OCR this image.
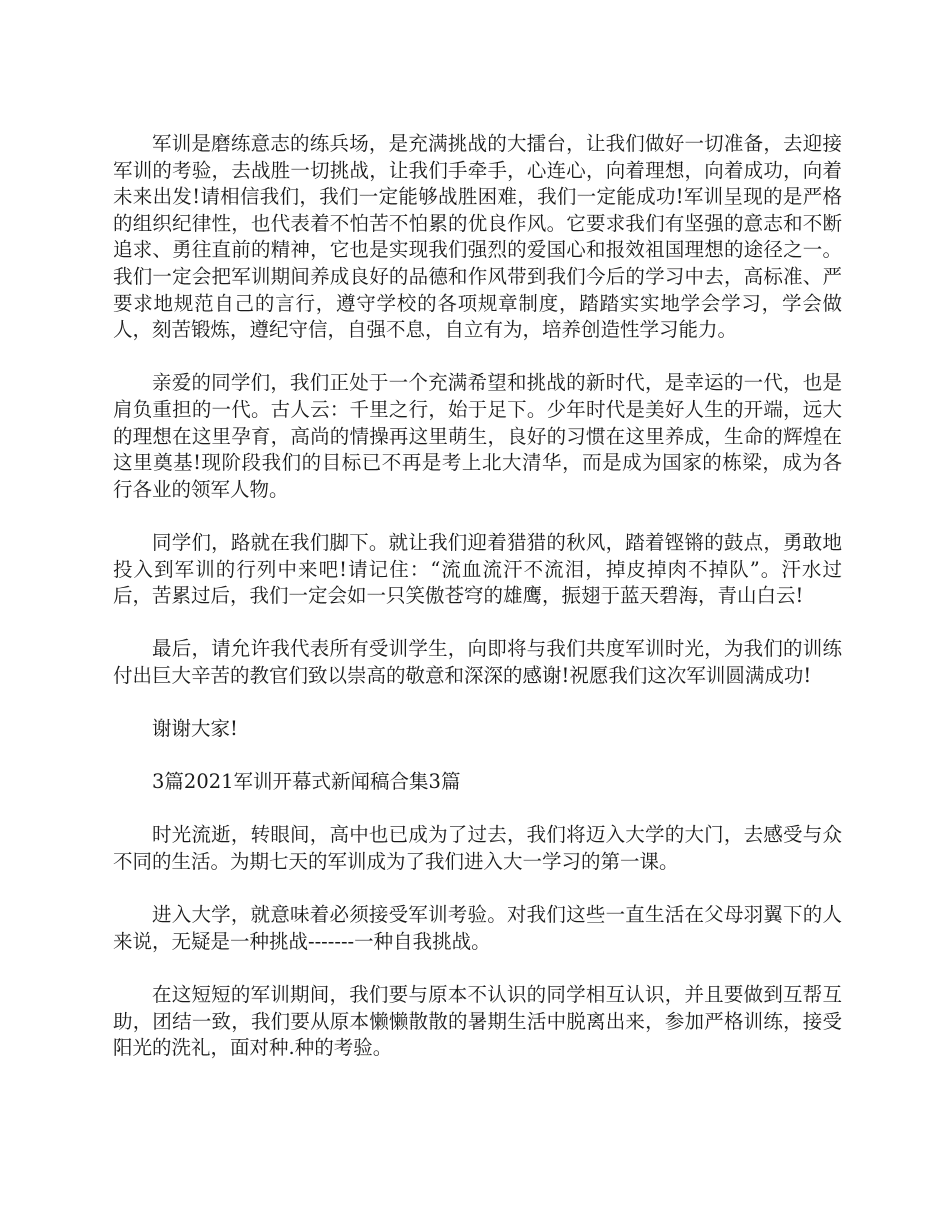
军训是磨练意志的练兵场，是充满挑战的大擂台，让我们做好一切准备，去迎接军训的考验，去战胜一切挑战，让我们手牵手，心连心，向着理想，向着成功，向着未来出发!请相信我们，我们一定能够战胜困难，我们一定能成功!军训呈现的是严格的组织纪律性，也代表着不怕苦不怕累的优良作风。它要求我们有坚强的意志和不断追求、勇往直前的精神，它也是实现我们强烈的爱国心和报效祖国理想的途径之一。我们一定会把军训期间养成良好的品德和作风带到我们今后的学习中去，高标准、严要求地规范自己的言行，遵守学校的各项规章制度，踏踏实实地学会学习，学会做人，刻苦锻炼，遵纪守信，自强不息，自立有为，培养创造性学习能力。

亲爱的同学们，我们正处于一个充满希望和挑战的新时代，是幸运的一代，也是肩负重担的一代。古人云：千里之行，始于足下。少年时代是美好人生的开端，远大的理想在这里孕育，高尚的情操再这里萌生，良好的习惯在这里养成，生命的辉煌在这里奠基!现阶段我们的目标已不再是考上北大清华，而是成为国家的栋梁，成为各行各业的领军人物。

同学们，路就在我们脚下。就让我们迎着猎猎的秋风，踏着铿锵的鼓点，勇敢地投入到军训的行列中来吧!请记住：“流血流汗不流泪，掉皮掉肉不掉队”。汗水过后，苦累过后，我们一定会如一只笑傲苍穹的雄鹰，振翅于蓝天碧海，青山白云!

最后，请允许我代表所有受训学生，向即将与我们共度军训时光，为我们的训练付出巨大辛苦的教官们致以崇高的敬意和深深的感谢!祝愿我们这次军训圆满成功!

谢谢大家!

3篇2021军训开幕式新闻稿合集3篇

时光流逝，转眼间，高中也已成为了过去，我们将迈入大学的大门，去感受与众不同的生活。为期七天的军训成为了我们进入大一学习的第一课。

进入大学，就意味着必须接受军训考验。对我们这些一直生活在父母羽翼下的人来说，无疑是一种挑战-------一种自我挑战。

在这短短的军训期间，我们要与原本不认识的同学相互认识，并且要做到互帮互助，团结一致，我们要从原本懒懒散散的暑期生活中脱离出来，参加严格训练，接受阳光的洗礼，面对种.种的考验。
